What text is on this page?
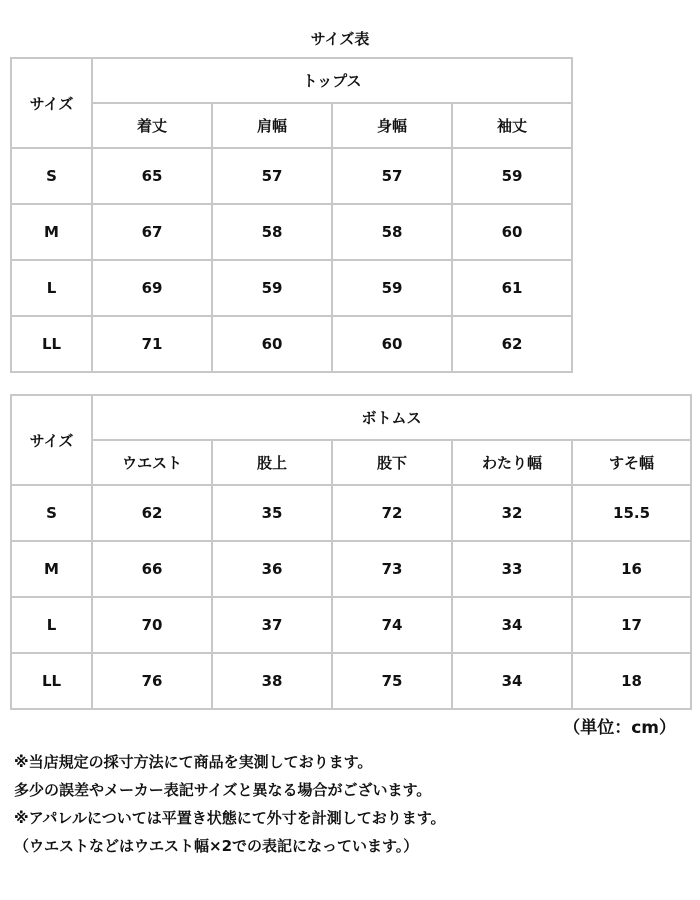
サイズ表
サイズ	トップス			
	着丈	肩幅	身幅	袖丈
S	65	57	57	59
M	67	58	58	60
L	69	59	59	61
LL	71	60	60	62
サイズ	ボトムス				
	ウエスト	股上	股下	わたり幅	すそ幅
S	62	35	72	32	15.5
M	66	36	73	33	16
L	70	37	74	34	17
LL	76	38	75	34	18
（単位：cm）
※当店規定の採寸方法にて商品を実測しております。
多少の誤差やメーカー表記サイズと異なる場合がございます。
※アパレルについては平置き状態にて外寸を計測しております。
（ウエストなどはウエスト幅×2での表記になっています。）
